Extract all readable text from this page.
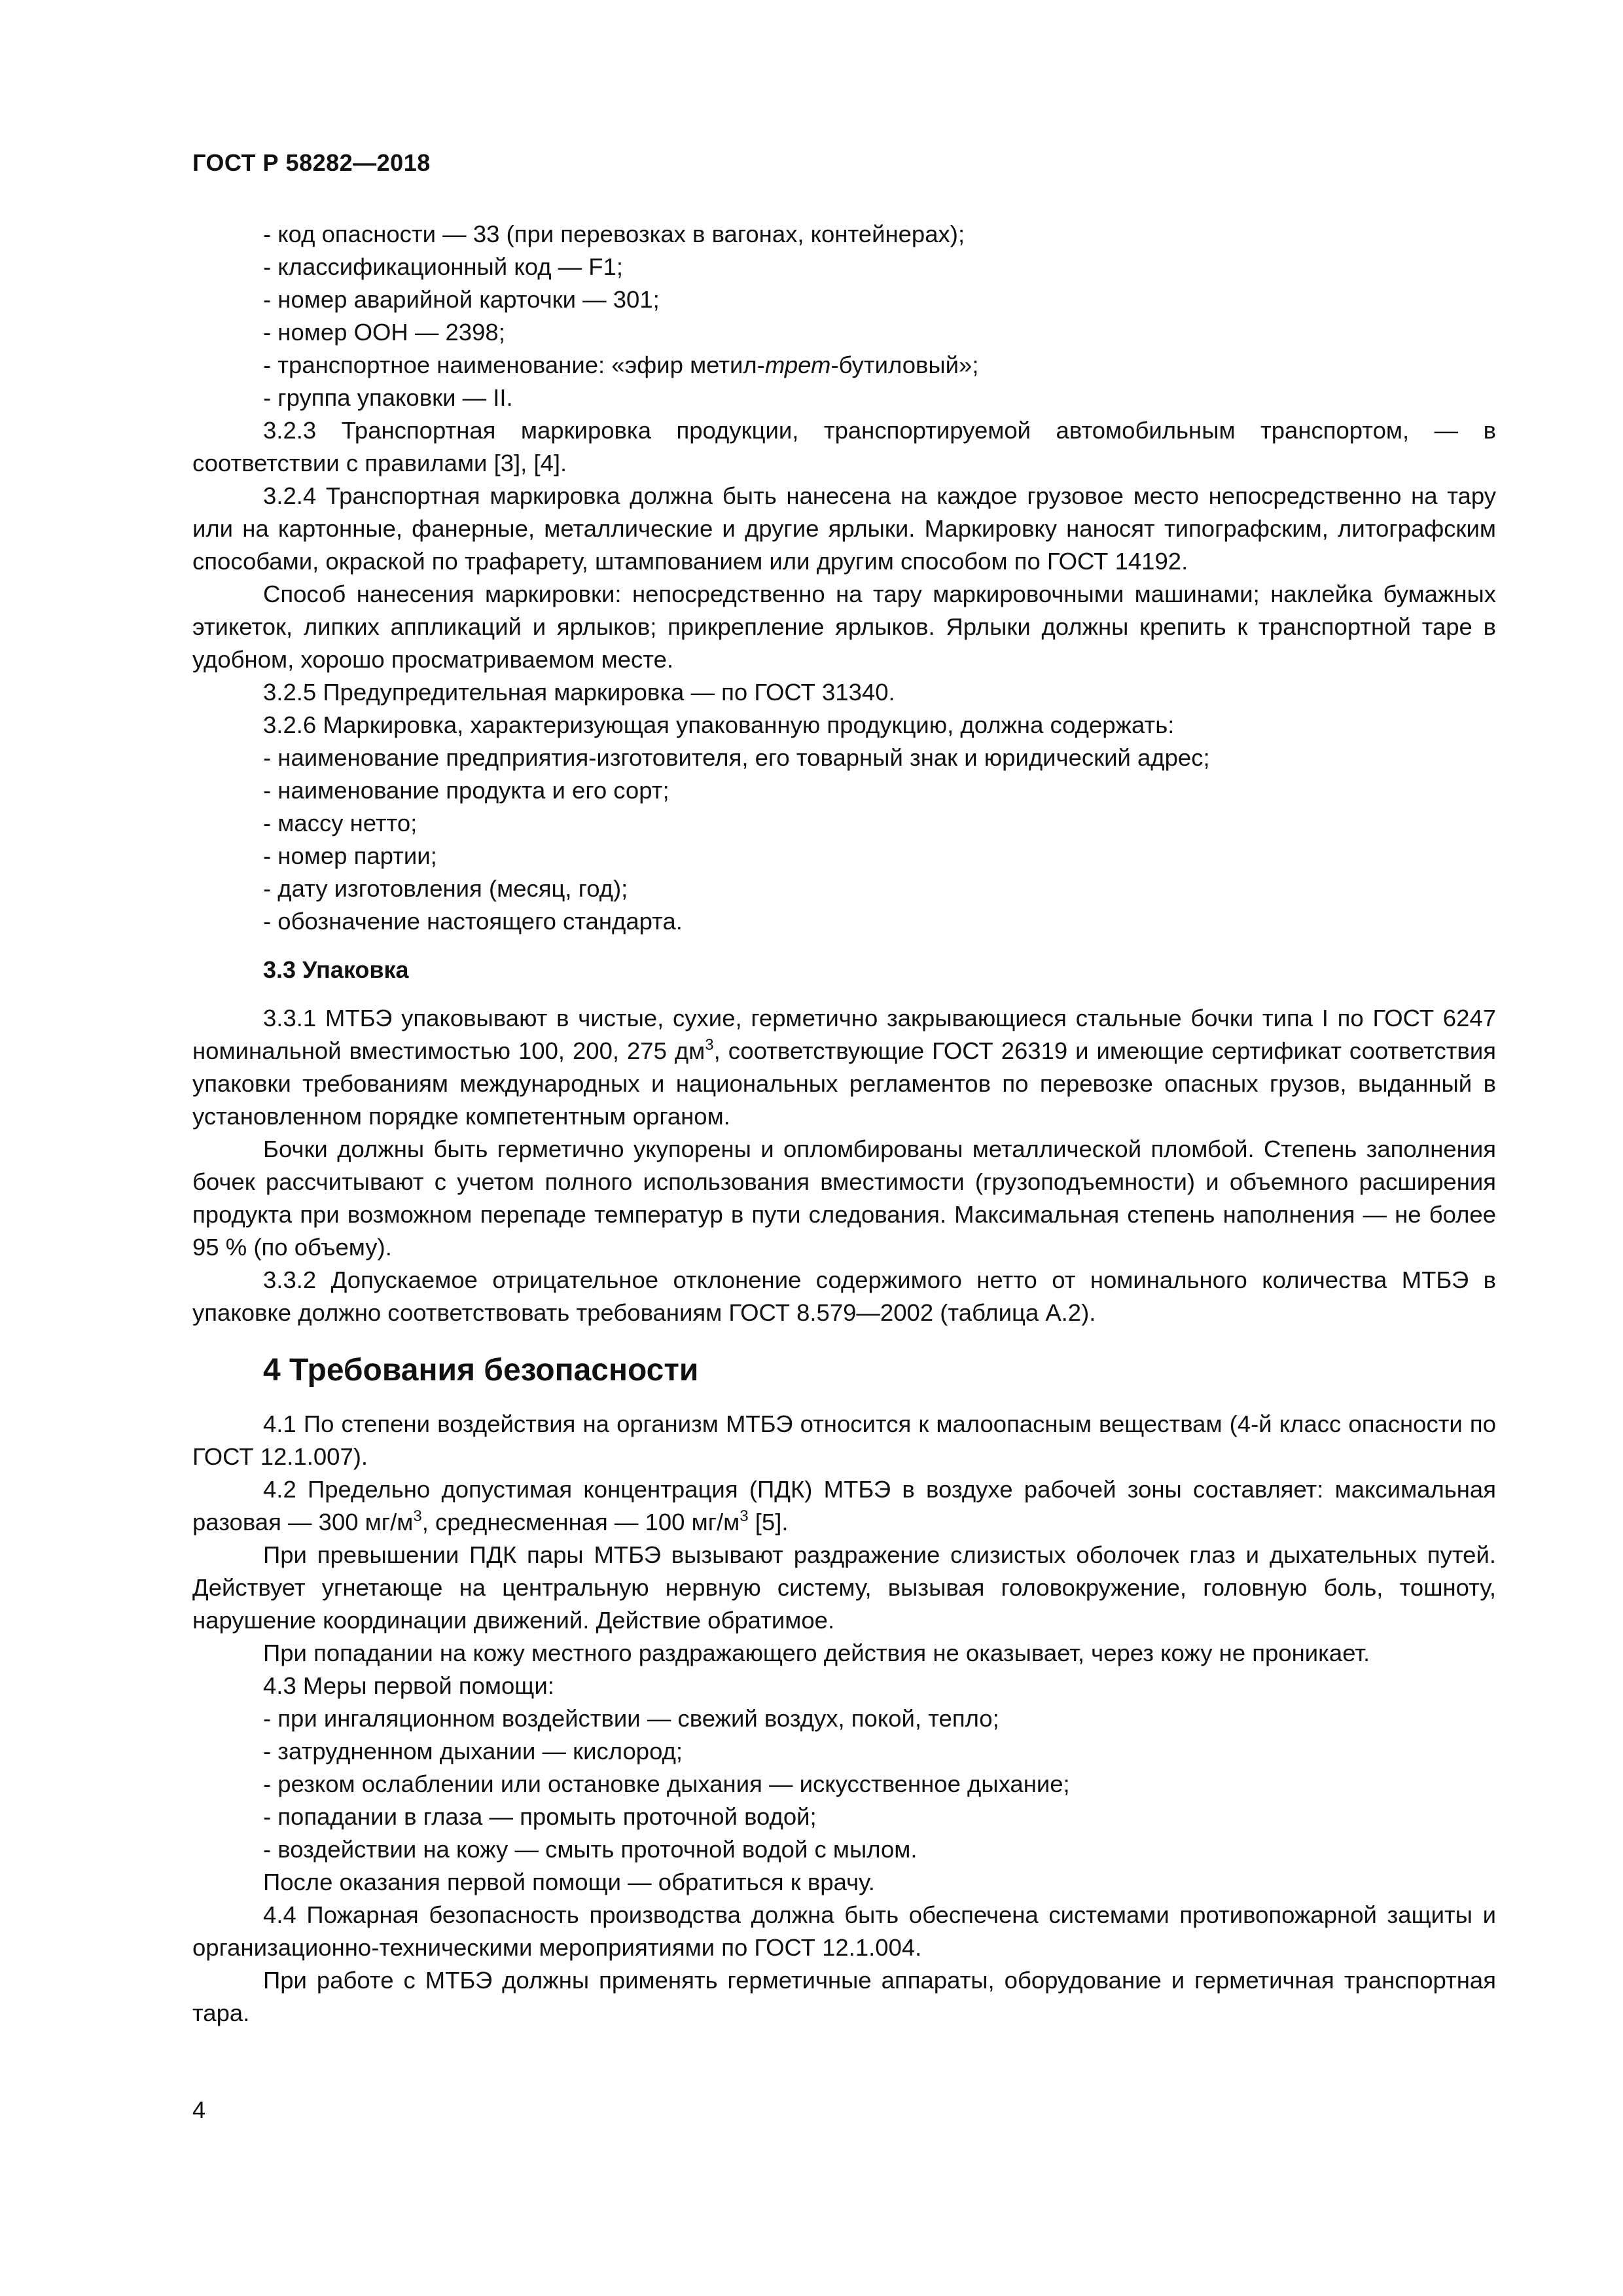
ГОСТ Р 58282—2018

- код опасности — 33 (при перевозках в вагонах, контейнерах);

- классификационный код — F1;

- номер аварийной карточки — 301;

- номер ООН — 2398;

- транспортное наименование: «эфир метил-трет-бутиловый»;

- группа упаковки — II.

3.2.3 Транспортная маркировка продукции, транспортируемой автомобильным транспортом, — в соответствии с правилами [3], [4].

3.2.4 Транспортная маркировка должна быть нанесена на каждое грузовое место непосредственно на тару или на картонные, фанерные, металлические и другие ярлыки. Маркировку наносят типографским, литографским способами, окраской по трафарету, штампованием или другим способом по ГОСТ 14192.

Способ нанесения маркировки: непосредственно на тару маркировочными машинами; наклейка бумажных этикеток, липких аппликаций и ярлыков; прикрепление ярлыков. Ярлыки должны крепить к транспортной таре в удобном, хорошо просматриваемом месте.

3.2.5 Предупредительная маркировка — по ГОСТ 31340.

3.2.6 Маркировка, характеризующая упакованную продукцию, должна содержать:

- наименование предприятия-изготовителя, его товарный знак и юридический адрес;

- наименование продукта и его сорт;

- массу нетто;

- номер партии;

- дату изготовления (месяц, год);

- обозначение настоящего стандарта.

3.3 Упаковка

3.3.1 МТБЭ упаковывают в чистые, сухие, герметично закрывающиеся стальные бочки типа I по ГОСТ 6247 номинальной вместимостью 100, 200, 275 $дм^3$, соответствующие ГОСТ 26319 и имеющие сертификат соответствия упаковки требованиям международных и национальных регламентов по перевозке опасных грузов, выданный в установленном порядке компетентным органом.

Бочки должны быть герметично укупорены и опломбированы металлической пломбой. Степень заполнения бочек рассчитывают с учетом полного использования вместимости (грузоподъемности) и объемного расширения продукта при возможном перепаде температур в пути следования. Максимальная степень наполнения — не более 95 % (по объему).

3.3.2 Допускаемое отрицательное отклонение содержимого нетто от номинального количества МТБЭ в упаковке должно соответствовать требованиям ГОСТ 8.579—2002 (таблица А.2).

4 Требования безопасности

4.1 По степени воздействия на организм МТБЭ относится к малоопасным веществам (4-й класс опасности по ГОСТ 12.1.007).

4.2 Предельно допустимая концентрация (ПДК) МТБЭ в воздухе рабочей зоны составляет: максимальная разовая — 300 $мг/м^3$, среднесменная — 100 $мг/м^3$ [5].

При превышении ПДК пары МТБЭ вызывают раздражение слизистых оболочек глаз и дыхательных путей. Действует угнетающе на центральную нервную систему, вызывая головокружение, головную боль, тошноту, нарушение координации движений. Действие обратимое.

При попадании на кожу местного раздражающего действия не оказывает, через кожу не проникает.

4.3 Меры первой помощи:

- при ингаляционном воздействии — свежий воздух, покой, тепло;

- затрудненном дыхании — кислород;

- резком ослаблении или остановке дыхания — искусственное дыхание;

- попадании в глаза — промыть проточной водой;

- воздействии на кожу — смыть проточной водой с мылом.

После оказания первой помощи — обратиться к врачу.

4.4 Пожарная безопасность производства должна быть обеспечена системами противопожарной защиты и организационно-техническими мероприятиями по ГОСТ 12.1.004.

При работе с МТБЭ должны применять герметичные аппараты, оборудование и герметичная транспортная тара.

4
